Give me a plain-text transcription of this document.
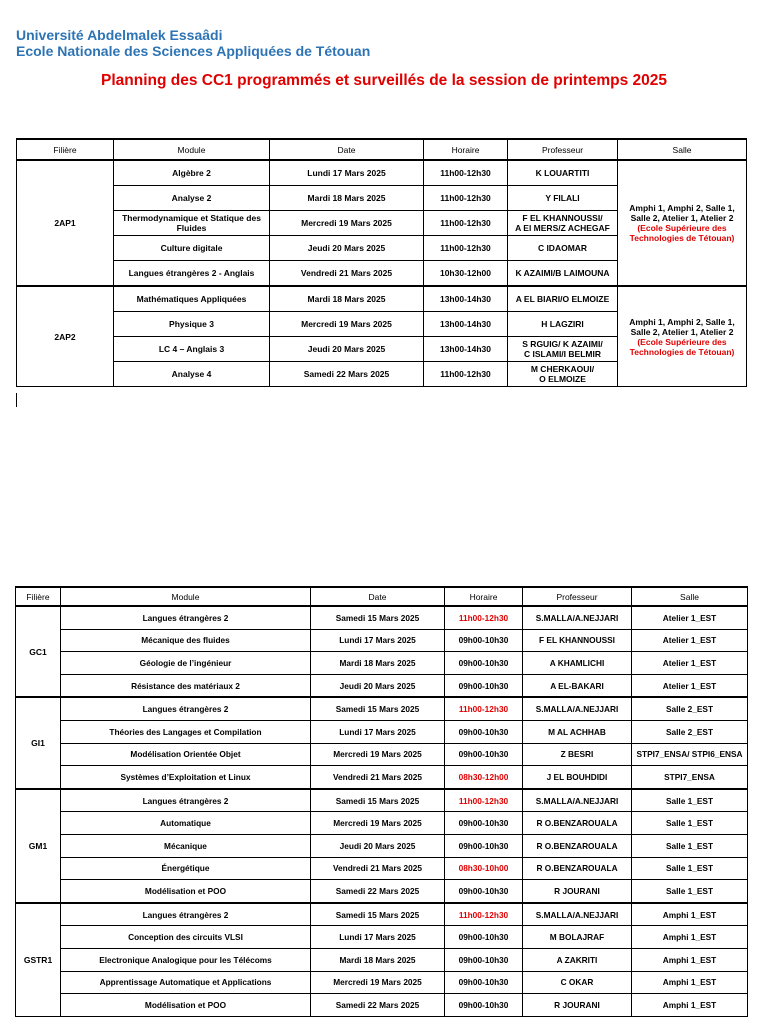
Université Abdelmalek Essaâdi
Ecole Nationale des Sciences Appliquées de Tétouan
Planning des CC1 programmés et surveillés de la session de printemps 2025
Filière	Module	Date	Horaire	Professeur	Salle
2AP1	Algèbre 2	Lundi 17 Mars 2025	11h00-12h30	K LOUARTITI	Amphi 1, Amphi 2, Salle 1,
Salle 2, Atelier 1, Atelier 2
(Ecole Supérieure des
Technologies de Tétouan)

	Analyse 2	Mardi 18 Mars 2025	11h00-12h30	Y FILALI	

	Thermodynamique et Statique des Fluides	Mercredi 19 Mars 2025	11h00-12h30	F EL KHANNOUSSI/
A El MERS/Z ACHEGAF	

	Culture digitale	Jeudi 20 Mars 2025	11h00-12h30	C IDAOMAR	

	Langues étrangères 2 - Anglais	Vendredi 21 Mars 2025	10h30-12h00	K AZAIMI/B LAIMOUNA	

2AP2	Mathématiques Appliquées	Mardi 18 Mars 2025	13h00-14h30	A EL BIARI/O ELMOIZE	Amphi 1, Amphi 2, Salle 1,
Salle 2, Atelier 1, Atelier 2
(Ecole Supérieure des
Technologies de Tétouan)

	Physique 3	Mercredi 19 Mars 2025	13h00-14h30	H LAGZIRI	

	LC 4 – Anglais 3	Jeudi 20 Mars 2025	13h00-14h30	S RGUIG/ K AZAIMI/
C ISLAMI/I BELMIR	

	Analyse 4	Samedi 22 Mars 2025	11h00-12h30	M CHERKAOUI/
O ELMOIZE	
Filière	Module	Date	Horaire	Professeur	Salle
GC1	Langues étrangères 2	Samedi 15 Mars 2025	11h00-12h30	S.MALLA/A.NEJJARI	Atelier 1_EST
	Mécanique des fluides	Lundi 17 Mars 2025	09h00-10h30	F EL KHANNOUSSI	Atelier 1_EST
	Géologie de l’ingénieur	Mardi 18 Mars 2025	09h00-10h30	A KHAMLICHI	Atelier 1_EST
	Résistance des matériaux 2	Jeudi 20 Mars 2025	09h00-10h30	A EL-BAKARI	Atelier 1_EST
GI1	Langues étrangères 2	Samedi 15 Mars 2025	11h00-12h30	S.MALLA/A.NEJJARI	Salle 2_EST
	Théories des Langages et Compilation	Lundi 17 Mars 2025	09h00-10h30	M AL ACHHAB	Salle 2_EST
	Modélisation Orientée Objet	Mercredi 19 Mars 2025	09h00-10h30	Z BESRI	STPI7_ENSA/ STPI6_ENSA
	Systèmes d’Exploitation et Linux	Vendredi 21 Mars 2025	08h30-12h00	J EL BOUHDIDI	STPI7_ENSA
GM1	Langues étrangères 2	Samedi 15 Mars 2025	11h00-12h30	S.MALLA/A.NEJJARI	Salle 1_EST
	Automatique	Mercredi 19 Mars 2025	09h00-10h30	R O.BENZAROUALA	Salle 1_EST
	Mécanique	Jeudi 20 Mars 2025	09h00-10h30	R O.BENZAROUALA	Salle 1_EST
	Énergétique	Vendredi 21 Mars 2025	08h30-10h00	R O.BENZAROUALA	Salle 1_EST
	Modélisation et POO	Samedi 22 Mars 2025	09h00-10h30	R JOURANI	Salle 1_EST
GSTR1	Langues étrangères 2	Samedi 15 Mars 2025	11h00-12h30	S.MALLA/A.NEJJARI	Amphi 1_EST
	Conception des circuits VLSI	Lundi 17 Mars 2025	09h00-10h30	M BOLAJRAF	Amphi 1_EST
	Electronique Analogique pour les Télécoms	Mardi 18 Mars 2025	09h00-10h30	A ZAKRITI	Amphi 1_EST
	Apprentissage Automatique et Applications	Mercredi 19 Mars 2025	09h00-10h30	C OKAR	Amphi 1_EST
	Modélisation et POO	Samedi 22 Mars 2025	09h00-10h30	R JOURANI	Amphi 1_EST
